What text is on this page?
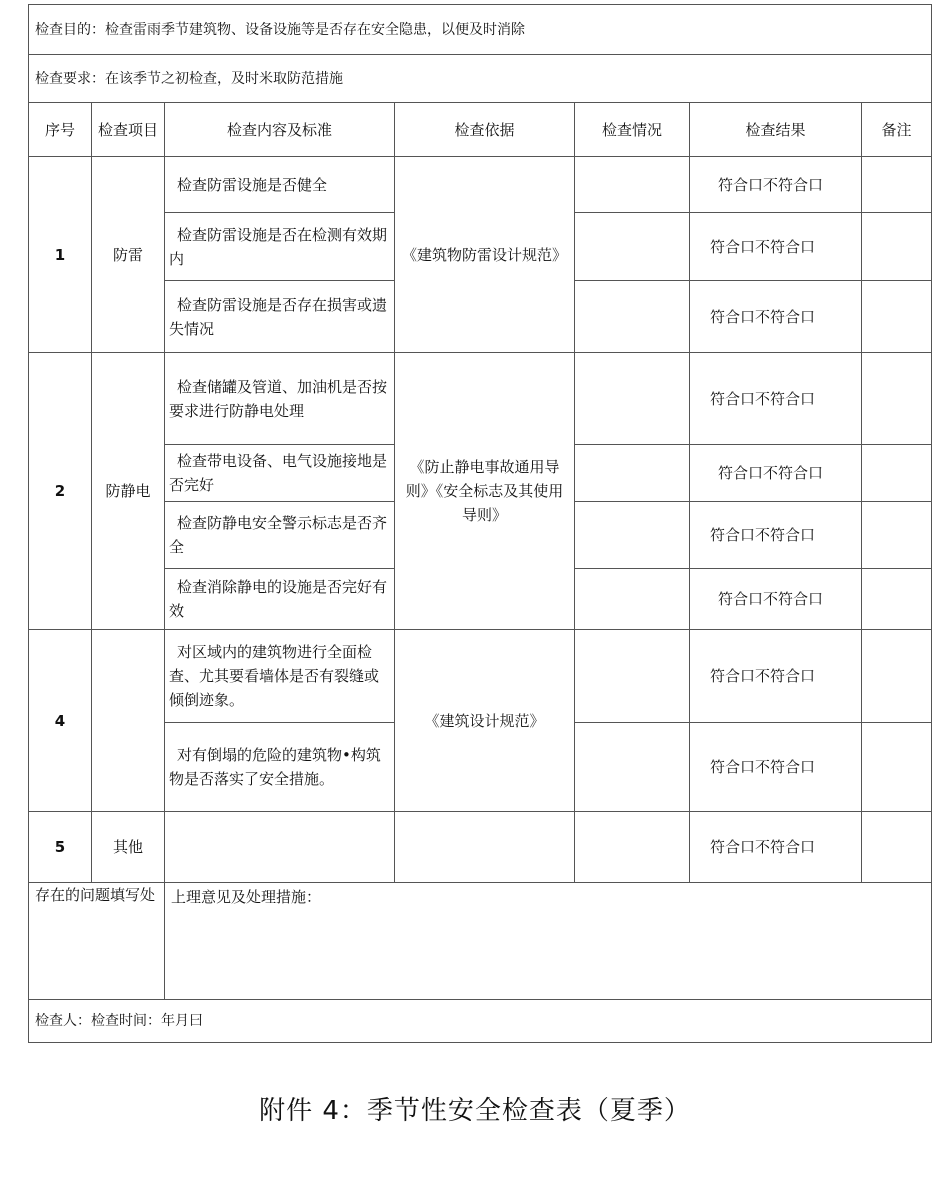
检查目的：检查雷雨季节建筑物、设备设施等是否存在安全隐患，以便及时消除						
检查要求：在该季节之初检查，及时米取防范措施						
序号	检查项目	检查内容及标准	检查依据	检查情况	检查结果	备注
1	防雷	检查防雷设施是否健全	《建筑物防雷设计规范》		符合口不符合口	

		检查防雷设施是否在检测有效期内			符合口不符合口	

		检查防雷设施是否存在损害或遗失情况			符合口不符合口	
2	防静电	检查储罐及管道、加油机是否按要求进行防静电处理	《防止静电事故通用导则》《安全标志及其使用导则》		符合口不符合口	

		检查带电设备、电气设施接地是否完好			符合口不符合口	

		检查防静电安全警示标志是否齐全			符合口不符合口	

		检查消除静电的设施是否完好有效			符合口不符合口	
4		对区域内的建筑物进行全面检查、尤其要看墙体是否有裂缝或倾倒迹象。	《建筑设计规范》		符合口不符合口	

		对有倒塌的危险的建筑物•构筑物是否落实了安全措施。			符合口不符合口	
5	其他				符合口不符合口	
存在的问题填写处		上理意见及处理措施：				
检查人：检查时间：年月曰						
附件 4：季节性安全检查表（夏季）
